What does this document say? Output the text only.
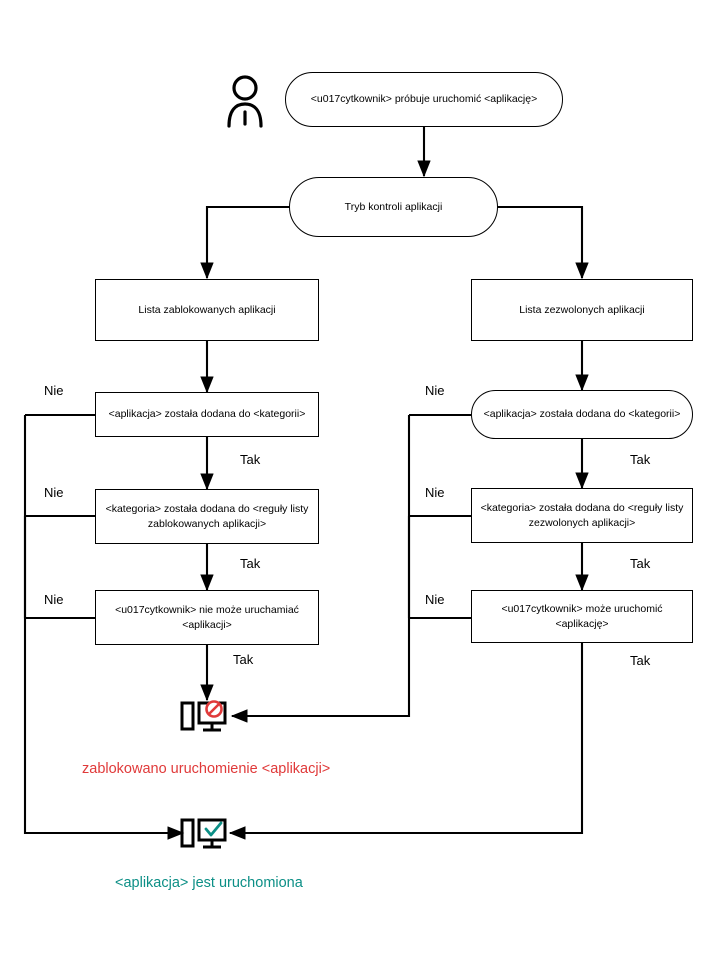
<u017cytkownik> próbuje uruchomić <aplikację>
Tryb kontroli aplikacji
Lista zablokowanych aplikacji	Lista zezwolonych aplikacji
<aplikacja> została dodana do <kategorii>	<aplikacja> została dodana do <kategorii>
<kategoria> została dodana do <reguły listy zablokowanych aplikacji>
<kategoria> została dodana do <reguły listy zezwolonych aplikacji>
<u017cytkownik> nie może uruchamiać <aplikacji>
<u017cytkownik> może uruchomić <aplikację>
Nie
Nie
Nie
Tak
Tak
Tak
Nie
Nie
Nie
Tak
Tak
Tak
zablokowano uruchomienie <aplikacji>
<aplikacja> jest uruchomiona
